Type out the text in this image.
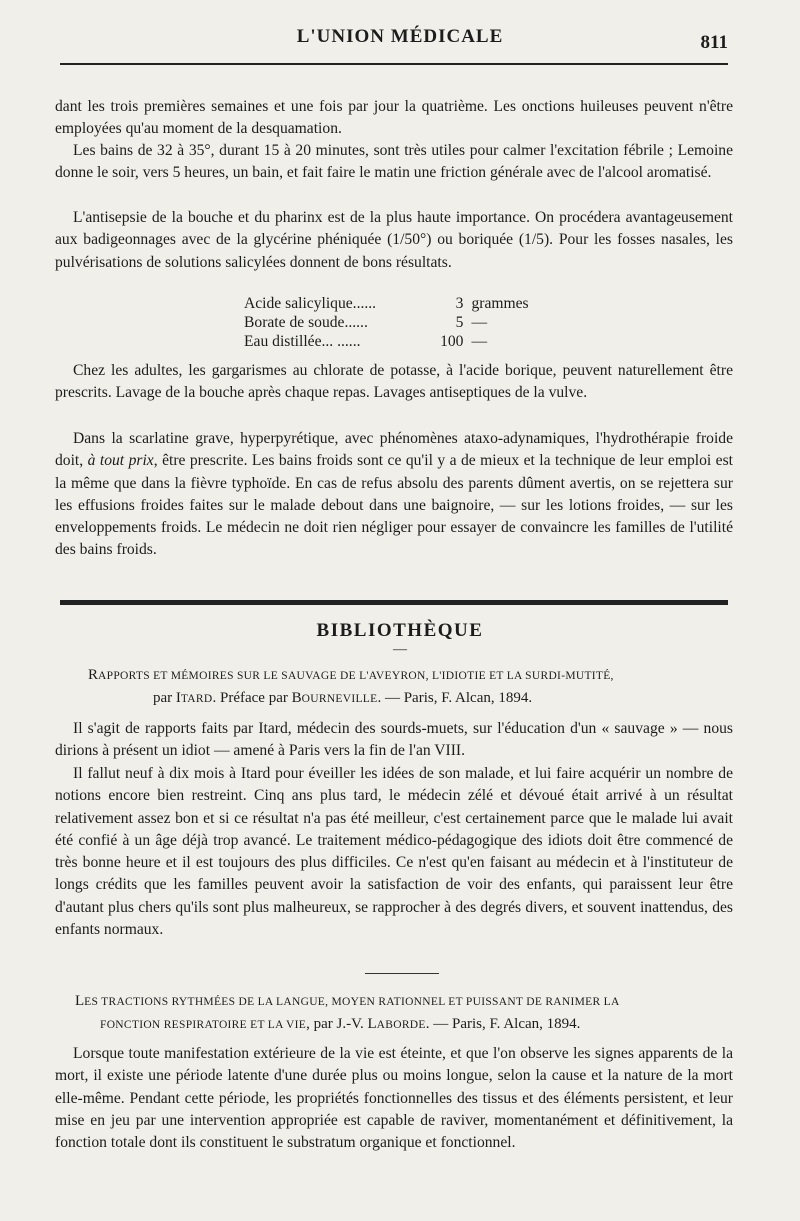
L'UNION MÉDICALE	811

dant les trois premières semaines et une fois par jour la quatrième. Les onctions huileuses peuvent n'être employées qu'au moment de la desquamation.

Les bains de 32 à 35°, durant 15 à 20 minutes, sont très utiles pour calmer l'excitation fébrile ; Lemoine donne le soir, vers 5 heures, un bain, et fait faire le matin une friction générale avec de l'alcool aromatisé.

L'antisepsie de la bouche et du pharinx est de la plus haute importance. On procédera avantageusement aux badigeonnages avec de la glycérine phéniquée (1/50°) ou boriquée (1/5). Pour les fosses nasales, les pulvérisations de solutions salicylées donnent de bons résultats.

Acide salicylique......	3 grammes
Borate de soude......	5 —
Eau distillée... ......	100 —

Chez les adultes, les gargarismes au chlorate de potasse, à l'acide borique, peuvent naturellement être prescrits. Lavage de la bouche après chaque repas. Lavages antiseptiques de la vulve.

Dans la scarlatine grave, hyperpyrétique, avec phénomènes ataxo-adynamiques, l'hydrothérapie froide doit, à tout prix, être prescrite. Les bains froids sont ce qu'il y a de mieux et la technique de leur emploi est la même que dans la fièvre typhoïde. En cas de refus absolu des parents dûment avertis, on se rejettera sur les effusions froides faites sur le malade debout dans une baignoire, — sur les lotions froides, — sur les enveloppements froids. Le médecin ne doit rien négliger pour essayer de convaincre les familles de l'utilité des bains froids.

BIBLIOTHÈQUE
—

RAPPORTS ET MÉMOIRES SUR LE SAUVAGE DE L'AVEYRON, L'IDIOTIE ET LA SURDI-MUTITÉ,
par ITARD. Préface par BOURNEVILLE. — Paris, F. Alcan, 1894.

Il s'agit de rapports faits par Itard, médecin des sourds-muets, sur l'éducation d'un « sauvage » — nous dirions à présent un idiot — amené à Paris vers la fin de l'an VIII.

Il fallut neuf à dix mois à Itard pour éveiller les idées de son malade, et lui faire acquérir un nombre de notions encore bien restreint. Cinq ans plus tard, le médecin zélé et dévoué était arrivé à un résultat relativement assez bon et si ce résultat n'a pas été meilleur, c'est certainement parce que le malade lui avait été confié à un âge déjà trop avancé. Le traitement médico-pédagogique des idiots doit être commencé de très bonne heure et il est toujours des plus difficiles. Ce n'est qu'en faisant au médecin et à l'instituteur de longs crédits que les familles peuvent avoir la satisfaction de voir des enfants, qui paraissent leur être d'autant plus chers qu'ils sont plus malheureux, se rapprocher à des degrés divers, et souvent inattendus, des enfants normaux.

LES TRACTIONS RYTHMÉES DE LA LANGUE, MOYEN RATIONNEL ET PUISSANT DE RANIMER LA
FONCTION RESPIRATOIRE ET LA VIE, par J.-V. LABORDE. — Paris, F. Alcan, 1894.

Lorsque toute manifestation extérieure de la vie est éteinte, et que l'on observe les signes apparents de la mort, il existe une période latente d'une durée plus ou moins longue, selon la cause et la nature de la mort elle-même. Pendant cette période, les propriétés fonctionnelles des tissus et des éléments persistent, et leur mise en jeu par une intervention appropriée est capable de raviver, momentanément et définitivement, la fonction totale dont ils constituent le substratum organique et fonctionnel.
